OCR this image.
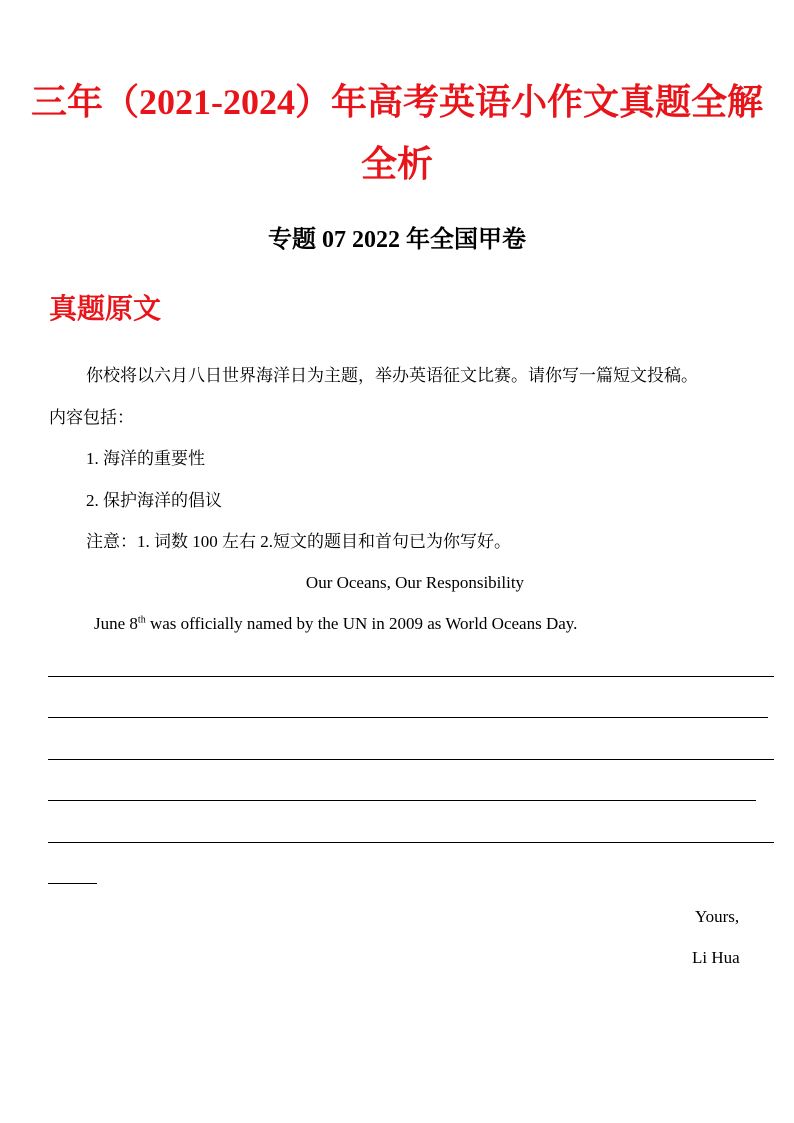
三年（2021-2024）年高考英语小作文真题全解
全析
专题 07 2022 年全国甲卷
真题原文
你校将以六月八日世界海洋日为主题，举办英语征文比赛。请你写一篇短文投稿。
内容包括：
1. 海洋的重要性
2. 保护海洋的倡议
注意：1. 词数 100 左右 2.短文的题目和首句已为你写好。
Our Oceans, Our Responsibility
June 8th was officially named by the UN in 2009 as World Oceans Day.
Yours,
Li Hua
